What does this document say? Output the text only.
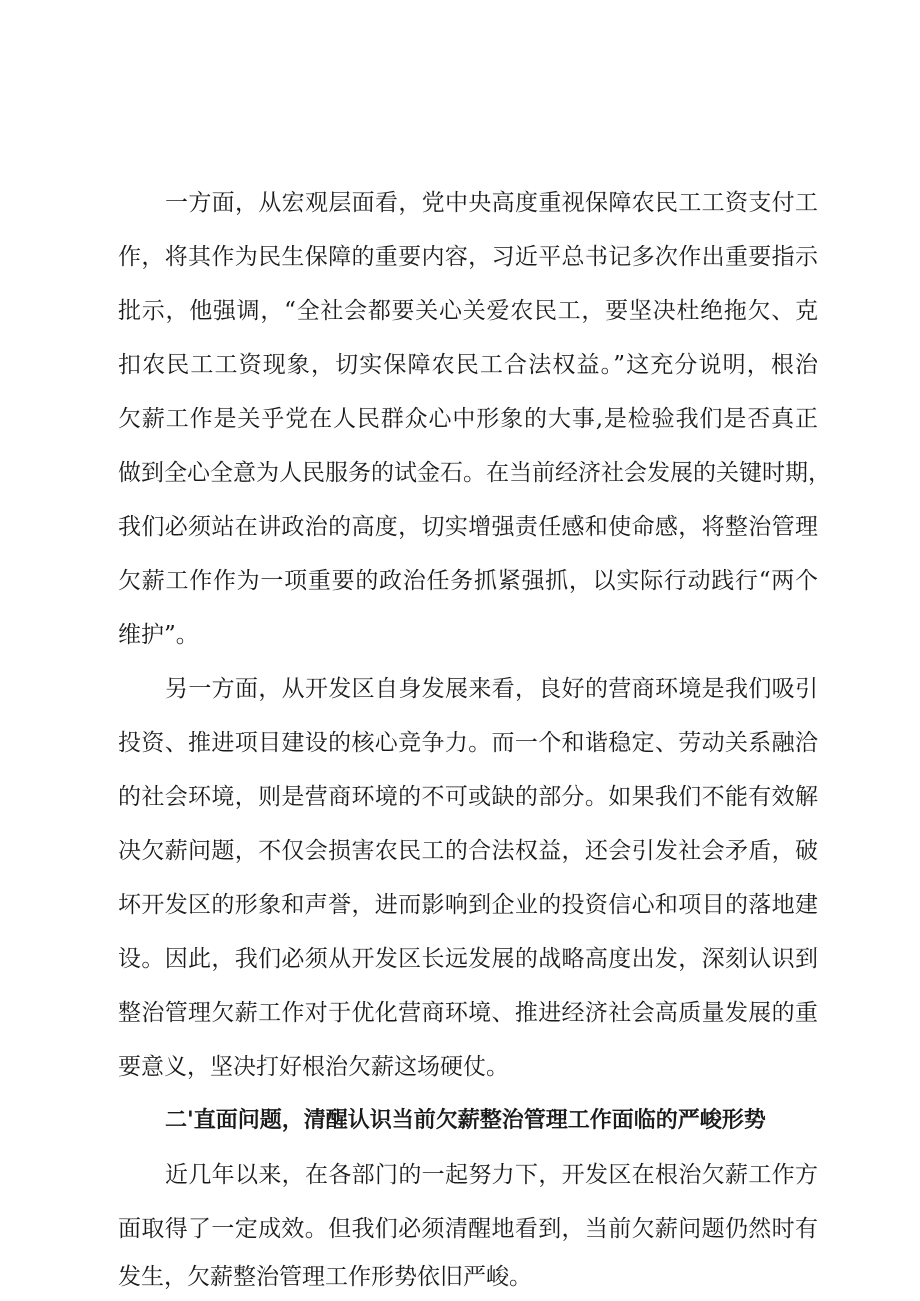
一方面，从宏观层面看，党中央高度重视保障农民工工资支付工
作，将其作为民生保障的重要内容，习近平总书记多次作出重要指示
批示，他强调，“全社会都要关心关爱农民工，要坚决杜绝拖欠、克
扣农民工工资现象，切实保障农民工合法权益。”这充分说明，根治
欠薪工作是关乎党在人民群众心中形象的大事,是检验我们是否真正
做到全心全意为人民服务的试金石。在当前经济社会发展的关键时期，
我们必须站在讲政治的高度，切实增强责任感和使命感，将整治管理
欠薪工作作为一项重要的政治任务抓紧强抓，以实际行动践行“两个
维护”。
另一方面，从开发区自身发展来看，良好的营商环境是我们吸引
投资、推进项目建设的核心竞争力。而一个和谐稳定、劳动关系融洽
的社会环境，则是营商环境的不可或缺的部分。如果我们不能有效解
决欠薪问题，不仅会损害农民工的合法权益，还会引发社会矛盾，破
坏开发区的形象和声誉，进而影响到企业的投资信心和项目的落地建
设。因此，我们必须从开发区长远发展的战略高度出发，深刻认识到
整治管理欠薪工作对于优化营商环境、推进经济社会高质量发展的重
要意义，坚决打好根治欠薪这场硬仗。
二'直面问题，清醒认识当前欠薪整治管理工作面临的严峻形势
近几年以来，在各部门的一起努力下，开发区在根治欠薪工作方
面取得了一定成效。但我们必须清醒地看到，当前欠薪问题仍然时有
发生，欠薪整治管理工作形势依旧严峻。
